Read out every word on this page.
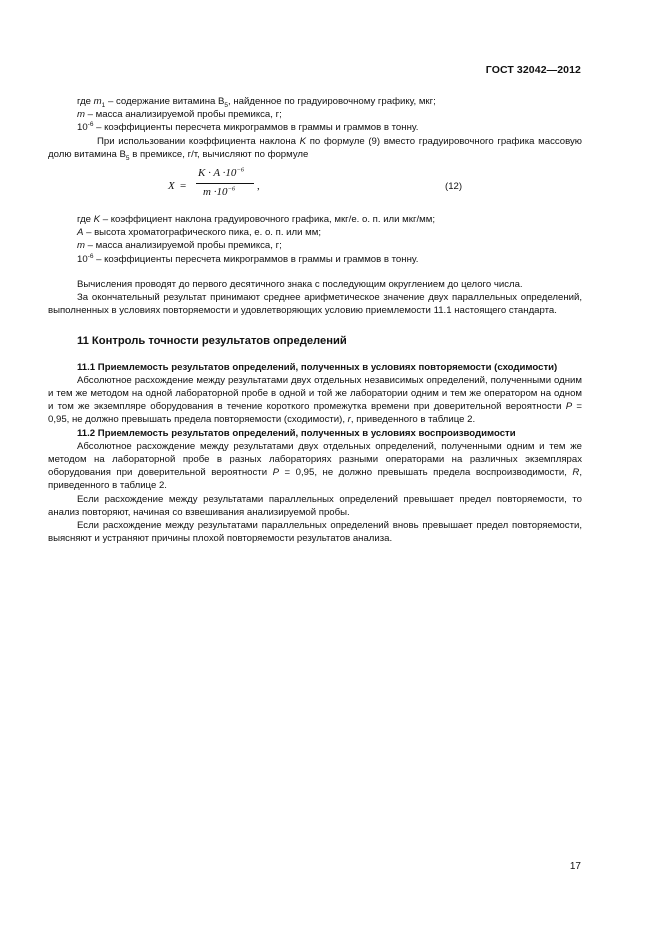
ГОСТ 32042—2012

где $m_1$ – содержание витамина $В_5$, найденное по градуировочному графику, мкг;

m – масса анализируемой пробы премикса, г;

$10^{-6}$ – коэффициенты пересчета микрограммов в граммы и граммов в тонну.

При использовании коэффициента наклона K по формуле (9) вместо градуировочного графика массовую долю витамина $В_5$ в премиксе, г/т, вычисляют по формуле

X =
$K \cdot A \cdot 10^{-6}$
$m \cdot 10^{-6}$ ,	(12)

где K – коэффициент наклона градуировочного графика, мкг/е. о. п. или мкг/мм;

A – высота хроматографического пика, е. о. п. или мм;

m – масса анализируемой пробы премикса, г;

$10^{-6}$ – коэффициенты пересчета микрограммов в граммы и граммов в тонну.

Вычисления проводят до первого десятичного знака с последующим округлением до целого числа.

За окончательный результат принимают среднее арифметическое значение двух параллельных определений, выполненных в условиях повторяемости и удовлетворяющих условию приемлемости 11.1 настоящего стандарта.

11 Контроль точности результатов определений

11.1 Приемлемость результатов определений, полученных в условиях повторяемости (сходимости)

Абсолютное расхождение между результатами двух отдельных независимых определений, полученными одним и тем же методом на одной лабораторной пробе в одной и той же лаборатории одним и тем же оператором на одном и том же экземпляре оборудования в течение короткого промежутка времени при доверительной вероятности P = 0,95, не должно превышать предела повторяемости (сходимости), r, приведенного в таблице 2.

11.2 Приемлемость результатов определений, полученных в условиях воспроизводимости

Абсолютное расхождение между результатами двух отдельных определений, полученными одним и тем же методом на лабораторной пробе в разных лабораториях разными операторами на различных экземплярах оборудования при доверительной вероятности P = 0,95, не должно превышать предела воспроизводимости, R, приведенного в таблице 2.

Если расхождение между результатами параллельных определений превышает предел повторяемости, то анализ повторяют, начиная со взвешивания анализируемой пробы.

Если расхождение между результатами параллельных определений вновь превышает предел повторяемости, выясняют и устраняют причины плохой повторяемости результатов анализа.

17
